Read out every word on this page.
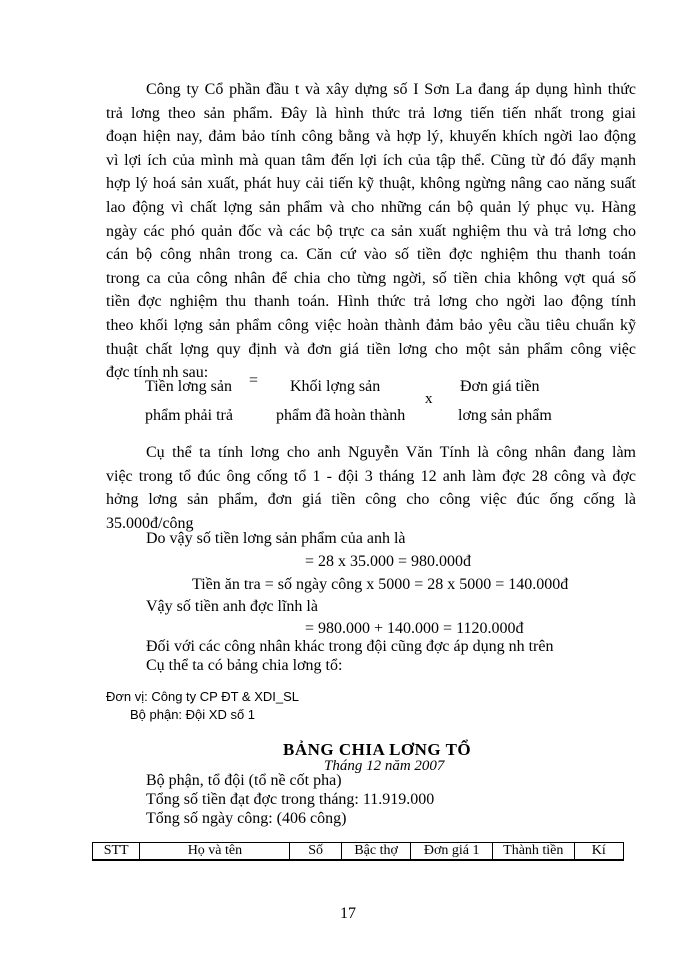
Công ty Cổ phần đầu t và xây dựng số I Sơn La đang áp dụng hình thức
trả lơng theo sản phẩm. Đây là hình thức trả lơng tiến tiến nhất trong giai
đoạn hiện nay, đảm bảo tính công bằng và hợp lý, khuyến khích ngời lao động
vì lợi ích của mình mà quan tâm đến lợi ích của tập thể. Cũng từ đó đẩy mạnh
hợp lý hoá sản xuất, phát huy cải tiến kỹ thuật, không ngừng nâng cao năng suất
lao động vì chất lợng sản phẩm và cho những cán bộ quản lý phục vụ. Hàng
ngày các phó quản đốc và các bộ trực ca sản xuất nghiệm thu và trả lơng cho
cán bộ công nhân trong ca. Căn cứ vào số tiền đợc nghiệm thu thanh toán
trong ca của công nhân để chia cho từng ngời, số tiền chia không vợt quá số
tiền đợc nghiệm thu thanh toán. Hình thức trả lơng cho ngời lao động tính
theo khối lợng sản phẩm công việc hoàn thành đảm bảo yêu cầu tiêu chuẩn kỹ
thuật chất lợng quy định và đơn giá tiền lơng cho một sản phẩm công việc
đợc tính nh sau:
Tiền lơng sản =
phẩm phải trả
Khối lợng sản
phẩm đã hoàn thành
x
Đơn giá tiền
lơng sản phẩm
Cụ thể ta tính lơng cho anh Nguyễn Văn Tính là công nhân đang làm
việc trong tổ đúc ông cống tổ 1 - đội 3 tháng 12 anh làm đợc 28 công và đợc
hởng lơng sản phẩm, đơn giá tiền công cho công việc đúc ống cống là
35.000đ/công
Do vậy số tiền lơng sản phẩm của anh là
= 28 x 35.000 = 980.000đ
Tiền ăn tra = số ngày công x 5000 = 28 x 5000 = 140.000đ
Vậy số tiền anh đợc lĩnh là
= 980.000 + 140.000 = 1120.000đ
Đối với các công nhân khác trong đội cũng đợc áp dụng nh trên
Cụ thể ta có bảng chia lơng tổ:
Đơn vị: Công ty CP ĐT & XDI_SL
Bộ phận: Đội XD số 1
BẢNG CHIA LƠNG TỔ
Tháng 12 năm 2007
Bộ phận, tổ đội (tổ nề cốt pha)
Tổng số tiền đạt đợc trong tháng: 11.919.000
Tổng số ngày công: (406 công)
STT	Họ và tên	Số	Bậc thợ	Đơn giá 1	Thành tiền	Kí
17
